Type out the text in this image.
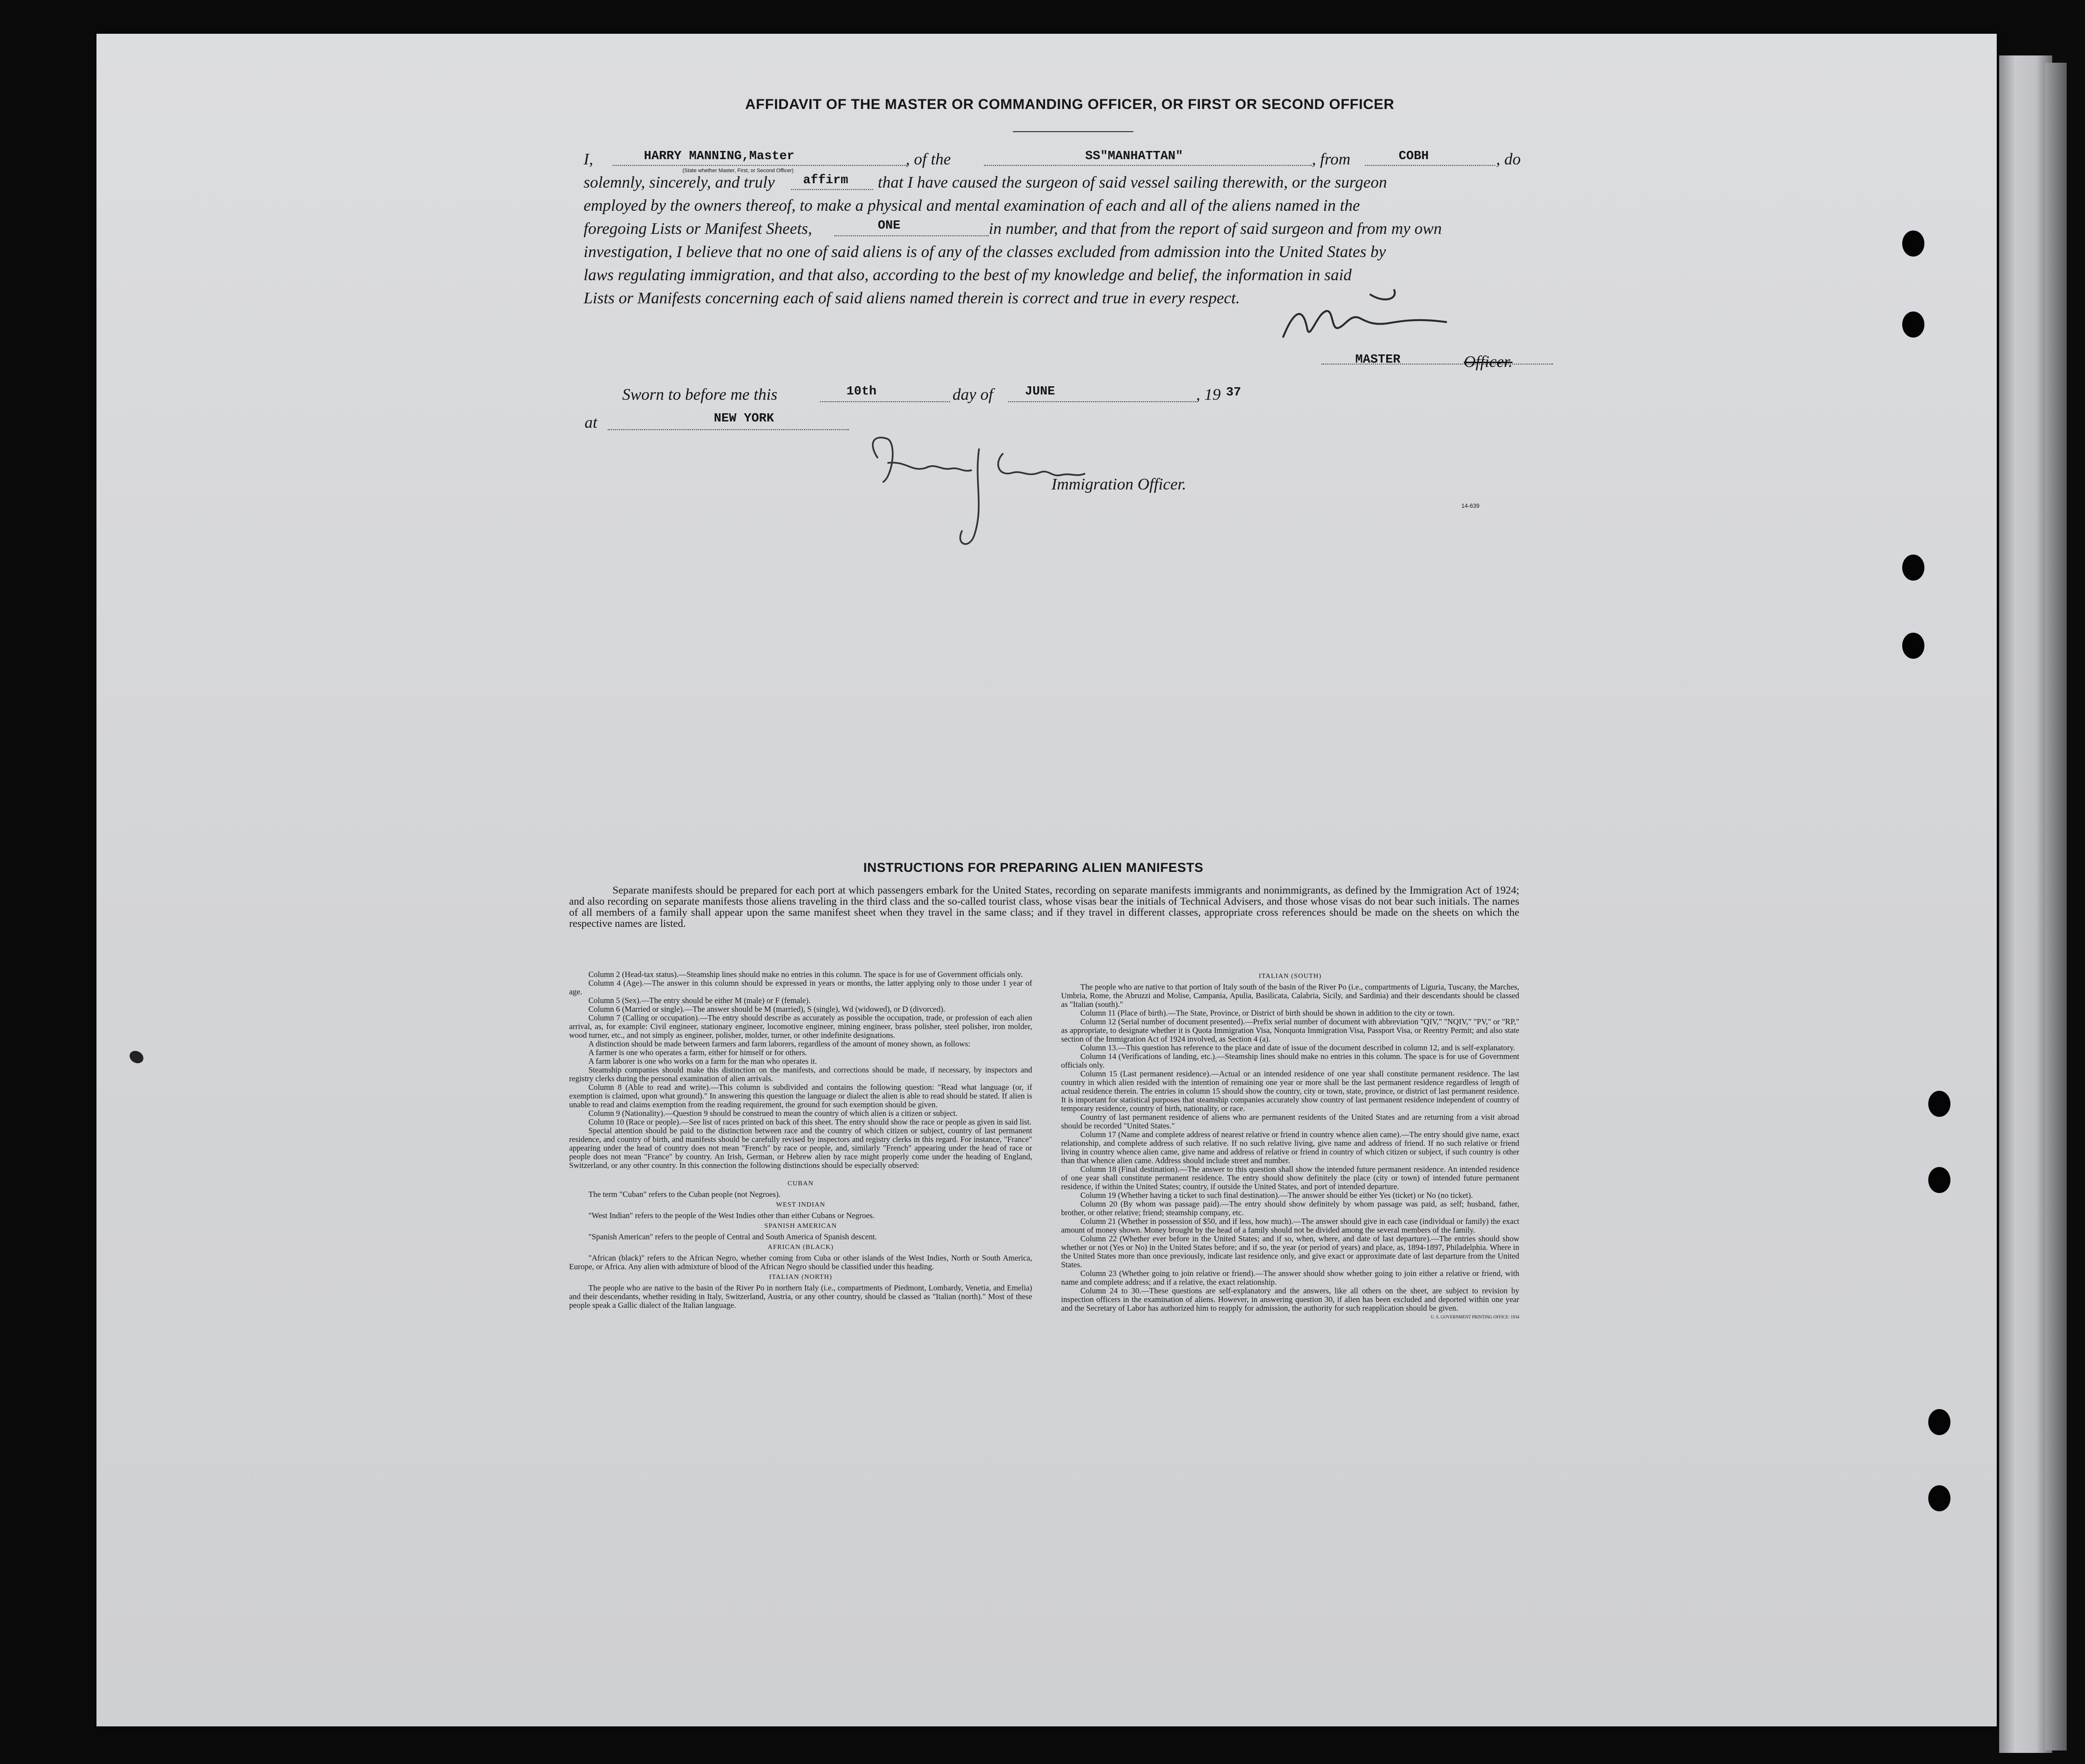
AFFIDAVIT OF THE MASTER OR COMMANDING OFFICER, OR FIRST OR SECOND OFFICER
I,	HARRY MANNING,Master
(State whether Master, First, or Second Officer)
, of the	SS"MANHATTAN"	, from	COBH	, do
solemnly, sincerely, and truly affirm that I have caused the surgeon of said vessel sailing therewith, or the surgeon
employed by the owners thereof, to make a physical and mental examination of each and all of the aliens named in the
foregoing Lists or Manifest Sheets,	ONE	in number, and that from the report of said surgeon and from my own
investigation, I believe that no one of said aliens is of any of the classes excluded from admission into the United States by
laws regulating immigration, and that also, according to the best of my knowledge and belief, the information in said
Lists or Manifests concerning each of said aliens named therein is correct and true in every respect.
MASTER	Officer.
Sworn to before me this	10th	day of	JUNE	, 19 37
at	NEW YORK
Immigration Officer.
14-639
INSTRUCTIONS FOR PREPARING ALIEN MANIFESTS
Separate manifests should be prepared for each port at which passengers embark for the United States, recording on separate manifests immigrants and nonimmigrants, as defined by the Immigration Act of 1924; and also recording on separate manifests those aliens traveling in the third class and the so-called tourist class, whose visas bear the initials of Technical Advisers, and those whose visas do not bear such initials. The names of all members of a family shall appear upon the same manifest sheet when they travel in the same class; and if they travel in different classes, appropriate cross references should be made on the sheets on which the respective names are listed.

Column 2 (Head-tax status).—Steamship lines should make no entries in this column. The space is for use of Government officials only.

Column 4 (Age).—The answer in this column should be expressed in years or months, the latter applying only to those under 1 year of age.

Column 5 (Sex).—The entry should be either M (male) or F (female).

Column 6 (Married or single).—The answer should be M (married), S (single), Wd (widowed), or D (divorced).

Column 7 (Calling or occupation).—The entry should describe as accurately as possible the occupation, trade, or profession of each alien arrival, as, for example: Civil engineer, stationary engineer, locomotive engineer, mining engineer, brass polisher, steel polisher, iron molder, wood turner, etc., and not simply as engineer, polisher, molder, turner, or other indefinite designations.

A distinction should be made between farmers and farm laborers, regardless of the amount of money shown, as follows:

A farmer is one who operates a farm, either for himself or for others.

A farm laborer is one who works on a farm for the man who operates it.

Steamship companies should make this distinction on the manifests, and corrections should be made, if necessary, by inspectors and registry clerks during the personal examination of alien arrivals.

Column 8 (Able to read and write).—This column is subdivided and contains the following question: "Read what language (or, if exemption is claimed, upon what ground)." In answering this question the language or dialect the alien is able to read should be stated. If alien is unable to read and claims exemption from the reading requirement, the ground for such exemption should be given.

Column 9 (Nationality).—Question 9 should be construed to mean the country of which alien is a citizen or subject.

Column 10 (Race or people).—See list of races printed on back of this sheet. The entry should show the race or people as given in said list.

Special attention should be paid to the distinction between race and the country of which citizen or subject, country of last permanent residence, and country of birth, and manifests should be carefully revised by inspectors and registry clerks in this regard. For instance, "France" appearing under the head of country does not mean "French" by race or people, and, similarly "French" appearing under the head of race or people does not mean "France" by country. An Irish, German, or Hebrew alien by race might properly come under the heading of England, Switzerland, or any other country. In this connection the following distinctions should be especially observed:

CUBAN

The term "Cuban" refers to the Cuban people (not Negroes).

WEST INDIAN

"West Indian" refers to the people of the West Indies other than either Cubans or Negroes.

SPANISH AMERICAN

"Spanish American" refers to the people of Central and South America of Spanish descent.

AFRICAN (BLACK)

"African (black)" refers to the African Negro, whether coming from Cuba or other islands of the West Indies, North or South America, Europe, or Africa. Any alien with admixture of blood of the African Negro should be classified under this heading.

ITALIAN (NORTH)

The people who are native to the basin of the River Po in northern Italy (i.e., compartments of Piedmont, Lombardy, Venetia, and Emelia) and their descendants, whether residing in Italy, Switzerland, Austria, or any other country, should be classed as "Italian (north)." Most of these people speak a Gallic dialect of the Italian language.

ITALIAN (SOUTH)

The people who are native to that portion of Italy south of the basin of the River Po (i.e., compartments of Liguria, Tuscany, the Marches, Umbria, Rome, the Abruzzi and Molise, Campania, Apulia, Basilicata, Calabria, Sicily, and Sardinia) and their descendants should be classed as "Italian (south)."

Column 11 (Place of birth).—The State, Province, or District of birth should be shown in addition to the city or town.

Column 12 (Serial number of document presented).—Prefix serial number of document with abbreviation "QIV," "NQIV," "PV," or "RP," as appropriate, to designate whether it is Quota Immigration Visa, Nonquota Immigration Visa, Passport Visa, or Reentry Permit; and also state section of the Immigration Act of 1924 involved, as Section 4 (a).

Column 13.—This question has reference to the place and date of issue of the document described in column 12, and is self-explanatory.

Column 14 (Verifications of landing, etc.).—Steamship lines should make no entries in this column. The space is for use of Government officials only.

Column 15 (Last permanent residence).—Actual or an intended residence of one year shall constitute permanent residence. The last country in which alien resided with the intention of remaining one year or more shall be the last permanent residence regardless of length of actual residence therein. The entries in column 15 should show the country, city or town, state, province, or district of last permanent residence. It is important for statistical purposes that steamship companies accurately show country of last permanent residence independent of country of temporary residence, country of birth, nationality, or race.

Country of last permanent residence of aliens who are permanent residents of the United States and are returning from a visit abroad should be recorded "United States."

Column 17 (Name and complete address of nearest relative or friend in country whence alien came).—The entry should give name, exact relationship, and complete address of such relative. If no such relative living, give name and address of friend. If no such relative or friend living in country whence alien came, give name and address of relative or friend in country of which citizen or subject, if such country is other than that whence alien came. Address should include street and number.

Column 18 (Final destination).—The answer to this question shall show the intended future permanent residence. An intended residence of one year shall constitute permanent residence. The entry should show definitely the place (city or town) of intended future permanent residence, if within the United States; country, if outside the United States, and port of intended departure.

Column 19 (Whether having a ticket to such final destination).—The answer should be either Yes (ticket) or No (no ticket).

Column 20 (By whom was passage paid).—The entry should show definitely by whom passage was paid, as self; husband, father, brother, or other relative; friend; steamship company, etc.

Column 21 (Whether in possession of $50, and if less, how much).—The answer should give in each case (individual or family) the exact amount of money shown. Money brought by the head of a family should not be divided among the several members of the family.

Column 22 (Whether ever before in the United States; and if so, when, where, and date of last departure).—The entries should show whether or not (Yes or No) in the United States before; and if so, the year (or period of years) and place, as, 1894-1897, Philadelphia. Where in the United States more than once previously, indicate last residence only, and give exact or approximate date of last departure from the United States.

Column 23 (Whether going to join relative or friend).—The answer should show whether going to join either a relative or friend, with name and complete address; and if a relative, the exact relationship.

Column 24 to 30.—These questions are self-explanatory and the answers, like all others on the sheet, are subject to revision by inspection officers in the examination of aliens. However, in answering question 30, if alien has been excluded and deported within one year and the Secretary of Labor has authorized him to reapply for admission, the authority for such reapplication should be given.

U. S. GOVERNMENT PRINTING OFFICE: 1934
